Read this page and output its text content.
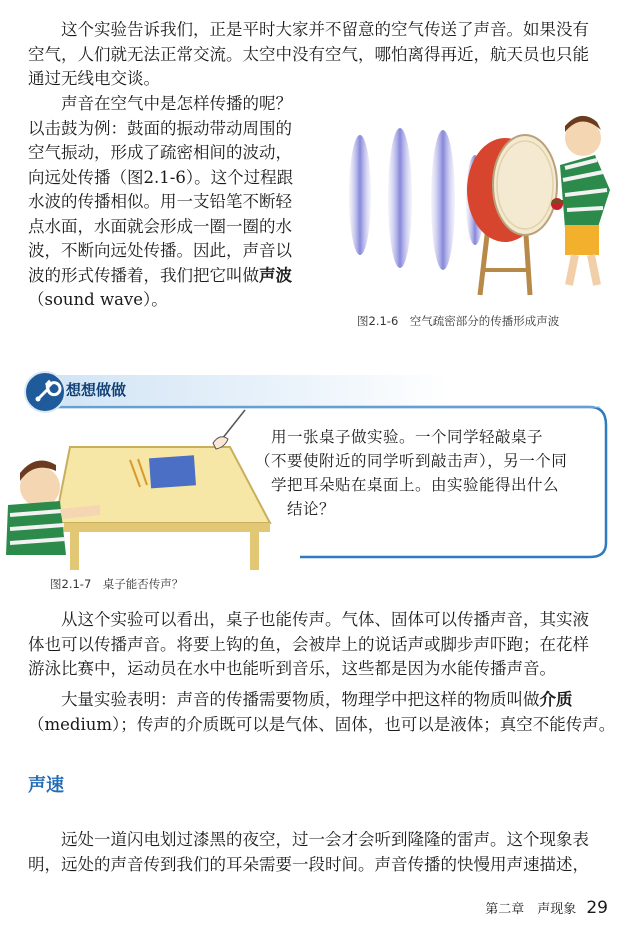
这个实验告诉我们，正是平时大家并不留意的空气传送了声音。如果没有
空气，人们就无法正常交流。太空中没有空气，哪怕离得再近，航天员也只能
通过无线电交谈。
声音在空气中是怎样传播的呢？
以击鼓为例：鼓面的振动带动周围的
空气振动，形成了疏密相间的波动，
向远处传播（图2.1-6）。这个过程跟
水波的传播相似。用一支铅笔不断轻
点水面，水面就会形成一圈一圈的水
波，不断向远处传播。因此，声音以
波的形式传播着，我们把它叫做声波
（sound wave）。
图2.1-6　空气疏密部分的传播形成声波
想想做做
用一张桌子做实验。一个同学轻敲桌子
（不要使附近的同学听到敲击声），另一个同
学把耳朵贴在桌面上。由实验能得出什么
结论？
图2.1-7　桌子能否传声？
从这个实验可以看出，桌子也能传声。气体、固体可以传播声音，其实液
体也可以传播声音。将要上钩的鱼，会被岸上的说话声或脚步声吓跑；在花样
游泳比赛中，运动员在水中也能听到音乐，这些都是因为水能传播声音。
大量实验表明：声音的传播需要物质，物理学中把这样的物质叫做介质
（medium）；传声的介质既可以是气体、固体，也可以是液体；真空不能传声。
声速
远处一道闪电划过漆黑的夜空，过一会才会听到隆隆的雷声。这个现象表
明，远处的声音传到我们的耳朵需要一段时间。声音传播的快慢用声速描述，
第二章　声现象 29
